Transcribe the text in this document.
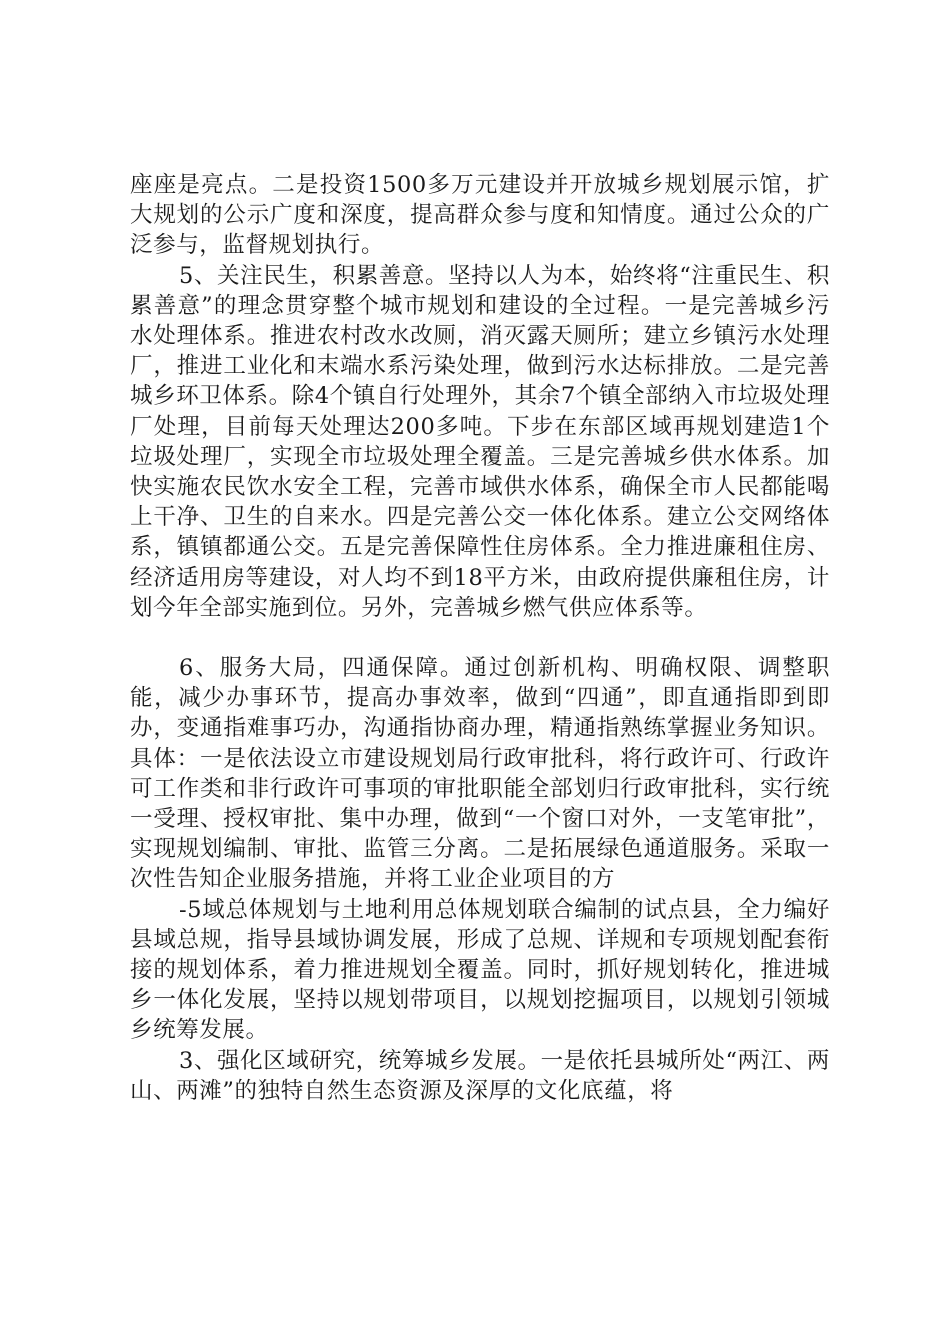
座座是亮点。二是投资1500多万元建设并开放城乡规划展示馆，扩大规划的公示广度和深度，提高群众参与度和知情度。通过公众的广泛参与，监督规划执行。

5、关注民生，积累善意。坚持以人为本，始终将“注重民生、积累善意”的理念贯穿整个城市规划和建设的全过程。一是完善城乡污水处理体系。推进农村改水改厕，消灭露天厕所；建立乡镇污水处理厂，推进工业化和末端水系污染处理，做到污水达标排放。二是完善城乡环卫体系。除4个镇自行处理外，其余7个镇全部纳入市垃圾处理厂处理，目前每天处理达200多吨。下步在东部区域再规划建造1个垃圾处理厂，实现全市垃圾处理全覆盖。三是完善城乡供水体系。加快实施农民饮水安全工程，完善市域供水体系，确保全市人民都能喝上干净、卫生的自来水。四是完善公交一体化体系。建立公交网络体系，镇镇都通公交。五是完善保障性住房体系。全力推进廉租住房、经济适用房等建设，对人均不到18平方米，由政府提供廉租住房，计划今年全部实施到位。另外，完善城乡燃气供应体系等。

6、服务大局，四通保障。通过创新机构、明确权限、调整职能，减少办事环节，提高办事效率，做到“四通”，即直通指即到即办，变通指难事巧办，沟通指协商办理，精通指熟练掌握业务知识。具体：一是依法设立市建设规划局行政审批科，将行政许可、行政许可工作类和非行政许可事项的审批职能全部划归行政审批科，实行统一受理、授权审批、集中办理，做到“一个窗口对外，一支笔审批”，实现规划编制、审批、监管三分离。二是拓展绿色通道服务。采取一次性告知企业服务措施，并将工业企业项目的方

-5域总体规划与土地利用总体规划联合编制的试点县，全力编好县域总规，指导县域协调发展，形成了总规、详规和专项规划配套衔接的规划体系，着力推进规划全覆盖。同时，抓好规划转化，推进城乡一体化发展，坚持以规划带项目，以规划挖掘项目，以规划引领城乡统筹发展。

3、强化区域研究，统筹城乡发展。一是依托县城所处“两江、两山、两滩”的独特自然生态资源及深厚的文化底蕴，将
